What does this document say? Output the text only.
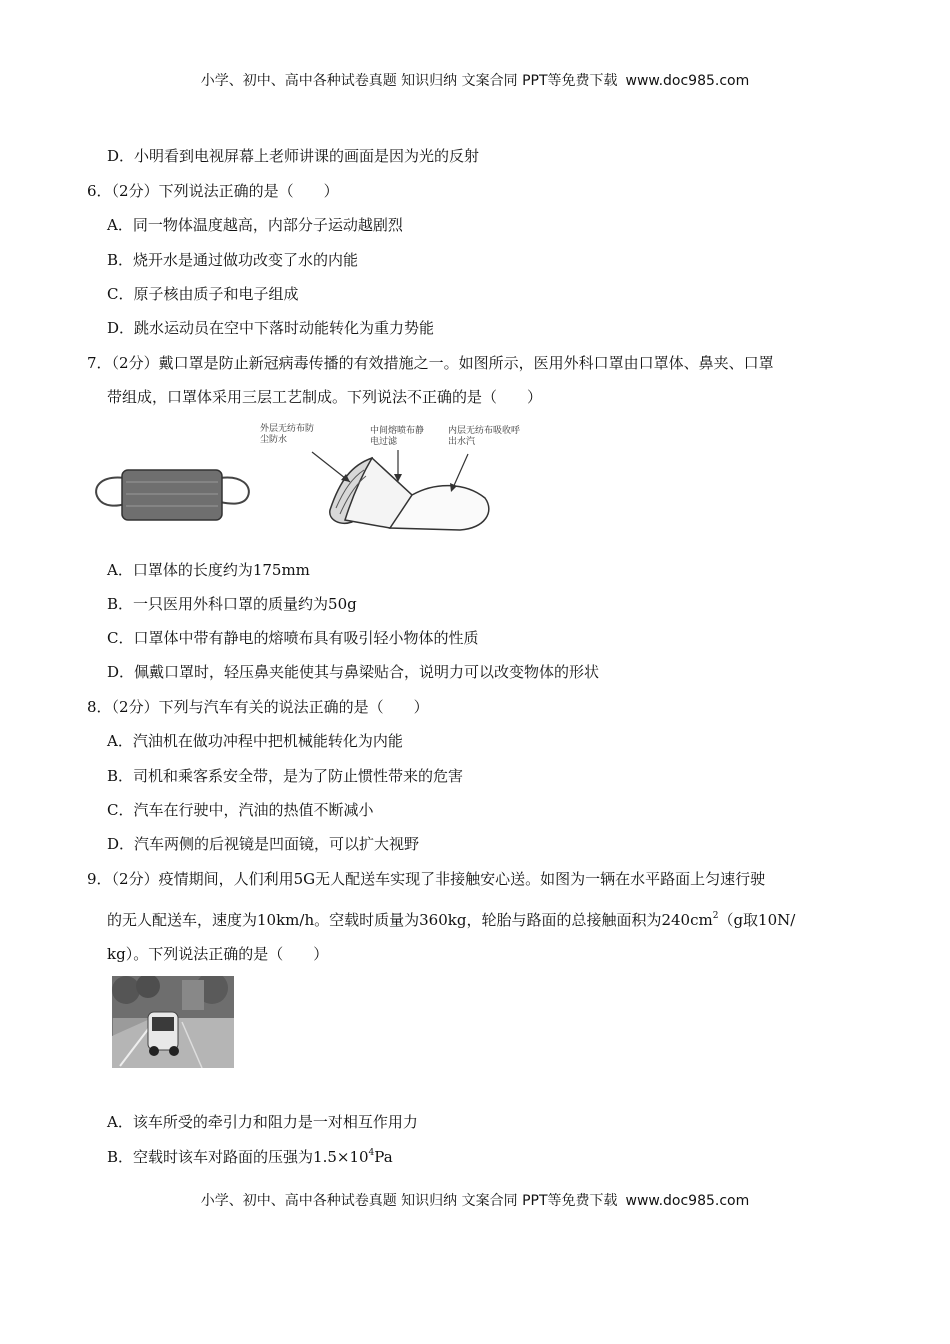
小学、初中、高中各种试卷真题 知识归纳 文案合同 PPT等免费下载 www.doc985.com
D．小明看到电视屏幕上老师讲课的画面是因为光的反射
6．（2分）下列说法正确的是（　　）
A．同一物体温度越高，内部分子运动越剧烈
B．烧开水是通过做功改变了水的内能
C．原子核由质子和电子组成
D．跳水运动员在空中下落时动能转化为重力势能
7．（2分）戴口罩是防止新冠病毒传播的有效措施之一。如图所示，医用外科口罩由口罩体、鼻夹、口罩
带组成，口罩体采用三层工艺制成。下列说法不正确的是（　　）
外层无纺布防尘防水
中间熔喷布静电过滤
内层无纺布吸收呼出水汽
A．口罩体的长度约为175mm
B．一只医用外科口罩的质量约为50g
C．口罩体中带有静电的熔喷布具有吸引轻小物体的性质
D．佩戴口罩时，轻压鼻夹能使其与鼻梁贴合，说明力可以改变物体的形状
8．（2分）下列与汽车有关的说法正确的是（　　）
A．汽油机在做功冲程中把机械能转化为内能
B．司机和乘客系安全带，是为了防止惯性带来的危害
C．汽车在行驶中，汽油的热值不断减小
D．汽车两侧的后视镜是凹面镜，可以扩大视野
9．（2分）疫情期间，人们利用5G无人配送车实现了非接触安心送。如图为一辆在水平路面上匀速行驶
的无人配送车，速度为10km/h。空载时质量为360kg，轮胎与路面的总接触面积为$240cm^2(g$取10N/
kg）。下列说法正确的是（　　）
A．该车所受的牵引力和阻力是一对相互作用力
B．空载时该车对路面的压强为$1.5\times 10^4Pa$
小学、初中、高中各种试卷真题 知识归纳 文案合同 PPT等免费下载 www.doc985.com
